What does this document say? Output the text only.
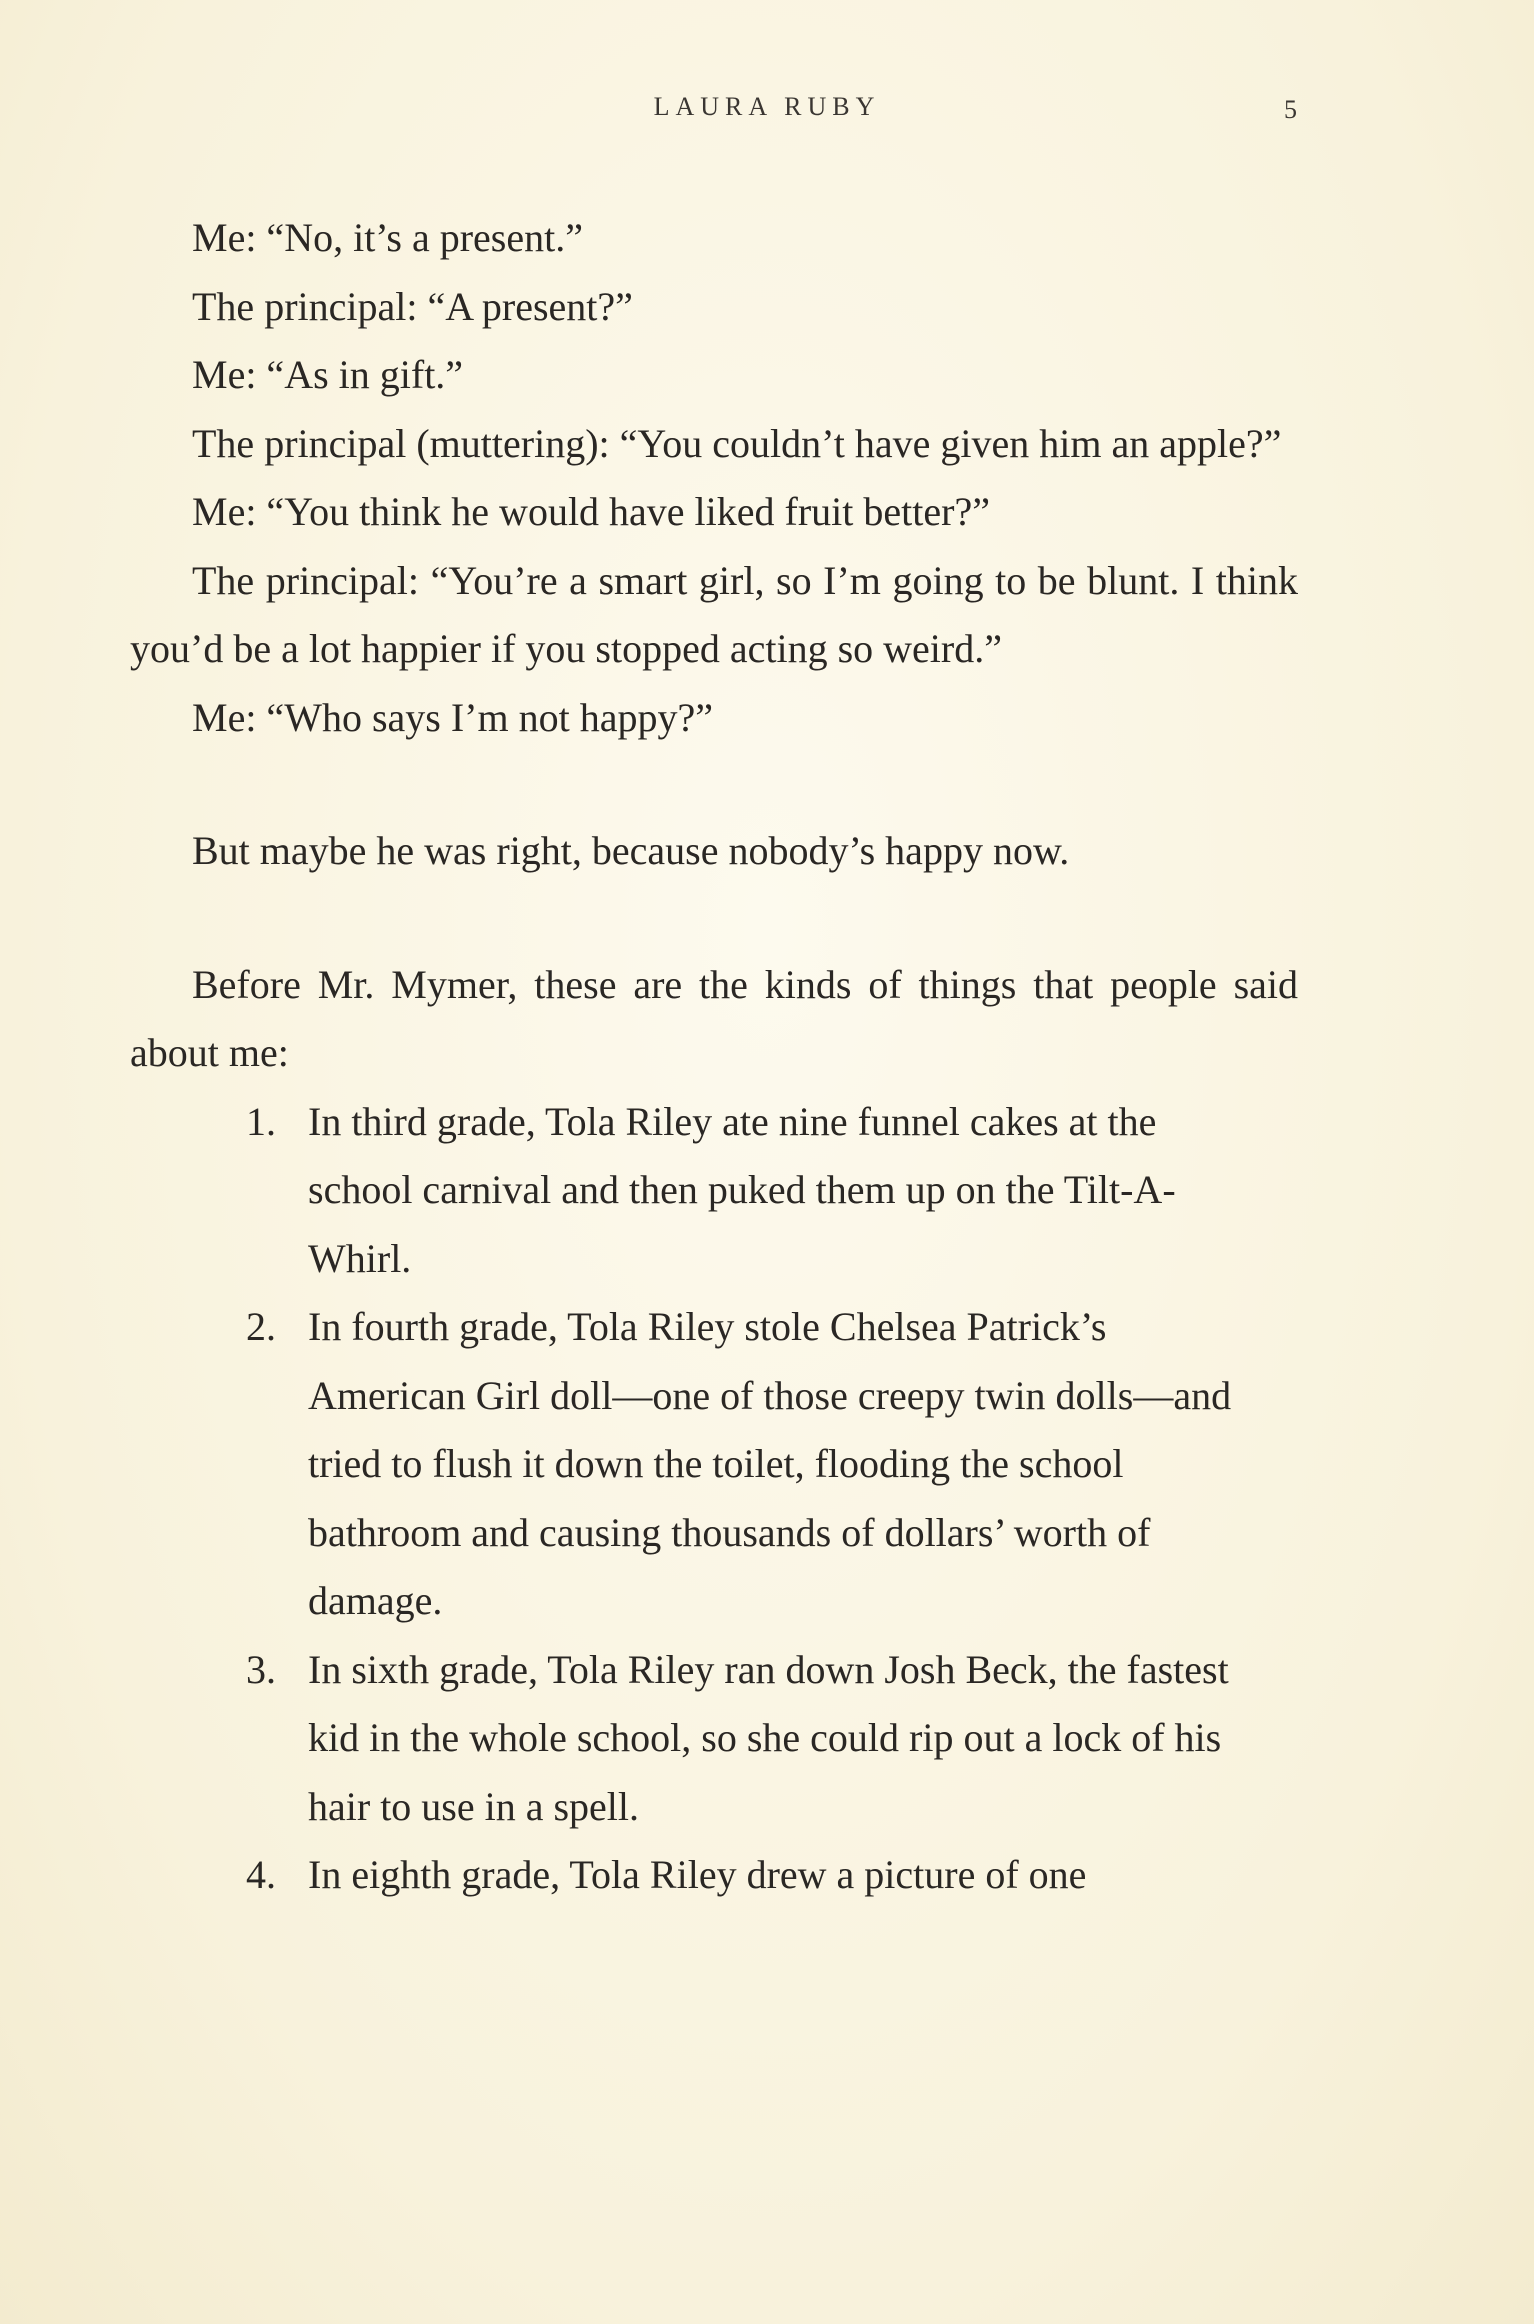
LAURA RUBY	5

Me: “No, it’s a present.”

The principal: “A present?”

Me: “As in gift.”

The principal (muttering): “You couldn’t have given him an apple?”

Me: “You think he would have liked fruit better?”

The principal: “You’re a smart girl, so I’m going to be blunt. I think you’d be a lot happier if you stopped acting so weird.”

Me: “Who says I’m not happy?”

But maybe he was right, because nobody’s happy now.

Before Mr. Mymer, these are the kinds of things that people said about me:

1. In third grade, Tola Riley ate nine funnel cakes at the school carnival and then puked them up on the Tilt-A-Whirl.
2. In fourth grade, Tola Riley stole Chelsea Patrick’s American Girl doll—one of those creepy twin dolls—and tried to flush it down the toilet, flooding the school bathroom and causing thousands of dollars’ worth of damage.
3. In sixth grade, Tola Riley ran down Josh Beck, the fastest kid in the whole school, so she could rip out a lock of his hair to use in a spell.
4. In eighth grade, Tola Riley drew a picture of one
